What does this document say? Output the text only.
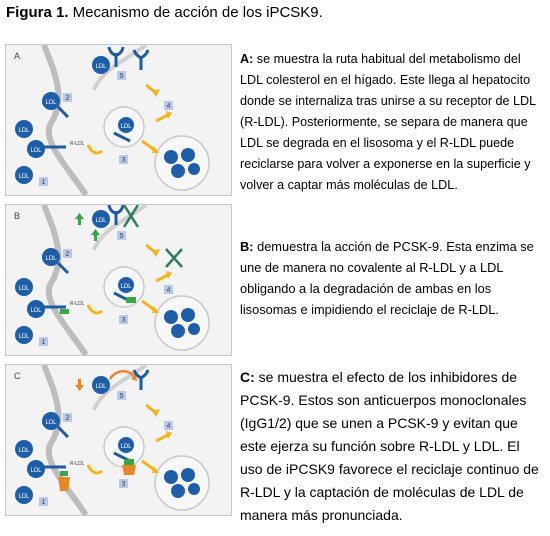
Figura 1. Mecanismo de acción de los iPCSK9.
A
LDL
LDL
LDL
LDL
LDL
LDL
R-LDL
1
2
3
4
5
B	LDL
LDL
LDL
LDL
LDL
LDL
R-LDL
1
2
3
4
5
C
LDL
LDL
LDL
LDL
LDL
LDL
R-LDL
1
2
3
4
5
A: se muestra la ruta habitual del metabolismo del LDL colesterol en el hígado. Este llega al hepatocito donde se internaliza tras unirse a su receptor de LDL (R-LDL). Posteriormente, se separa de manera que LDL se degrada en el lisosoma y el R-LDL puede reciclarse para volver a exponerse en la superficie y volver a captar más moléculas de LDL.
B: demuestra la acción de PCSK-9. Esta enzima se une de manera no covalente al R-LDL y a LDL obligando a la degradación de ambas en los lisosomas e impidiendo el reciclaje de R-LDL.
C: se muestra el efecto de los inhibidores de PCSK-9. Estos son anticuerpos monoclonales (IgG1/2) que se unen a PCSK-9 y evitan que este ejerza su función sobre R-LDL y LDL. El uso de iPCSK9 favorece el reciclaje continuo de R-LDL y la captación de moléculas de LDL de manera más pronunciada.
